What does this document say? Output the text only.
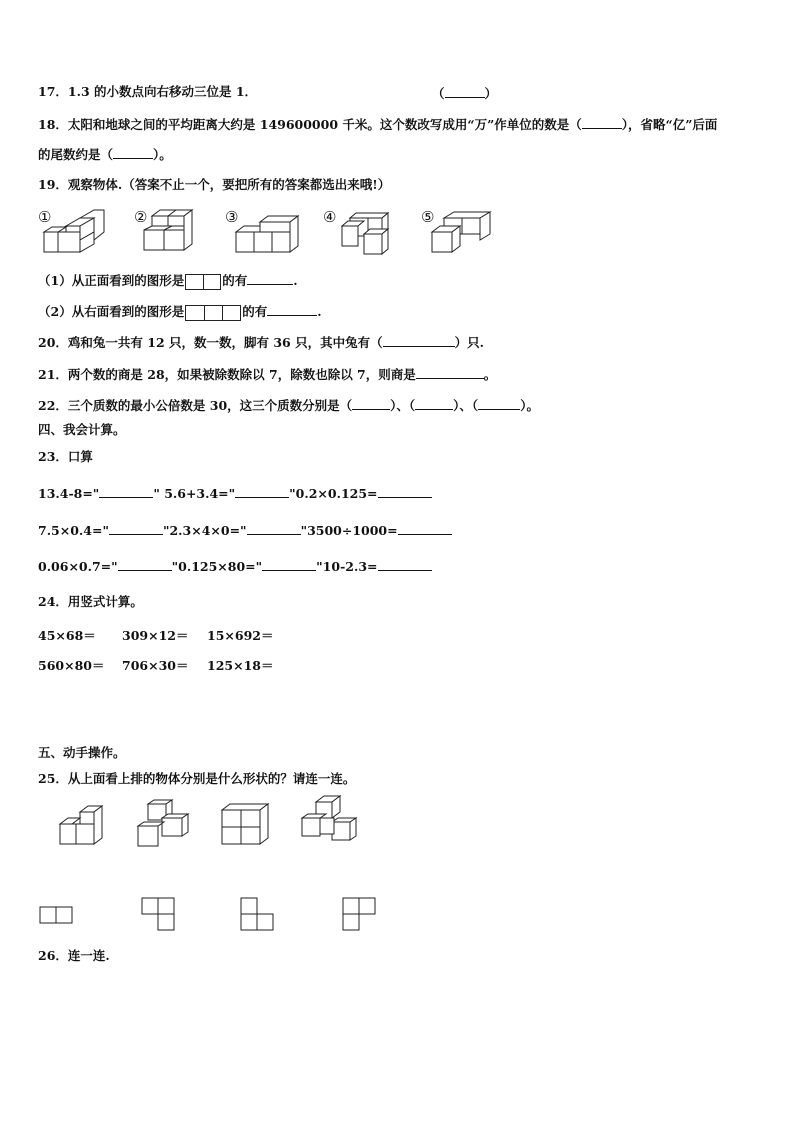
17．1.3 的小数点向右移动三位是 1．	（	）
18．太阳和地球之间的平均距离大约是 149600000 千米。这个数改写成用“万”作单位的数是（	），省略“亿”后面
的尾数约是（	）。
19．观察物体.（答案不止一个，要把所有的答案都选出来哦!）
①	②	③	④	⑤
（1）从正面看到的图形是	的有	.
（2）从右面看到的图形是	的有	.
20．鸡和兔一共有 12 只，数一数，脚有 36 只，其中兔有（	）只.
21．两个数的商是 28，如果被除数除以 7，除数也除以 7，则商是	。
22．三个质数的最小公倍数是 30，这三个质数分别是（	）、（	）、（	）。
四、我会计算。
23．口算
13.4-8="	" 5.6+3.4="	"0.2×0.125=
7.5×0.4="	"2.3×4×0="	"3500÷1000=
0.06×0.7="	"0.125×80="	"10-2.3=
24．用竖式计算。
45×68＝ 309×12＝ 15×692＝
560×80＝ 706×30＝ 125×18＝
五、动手操作。
25．从上面看上排的物体分别是什么形状的？请连一连。
26．连一连.
